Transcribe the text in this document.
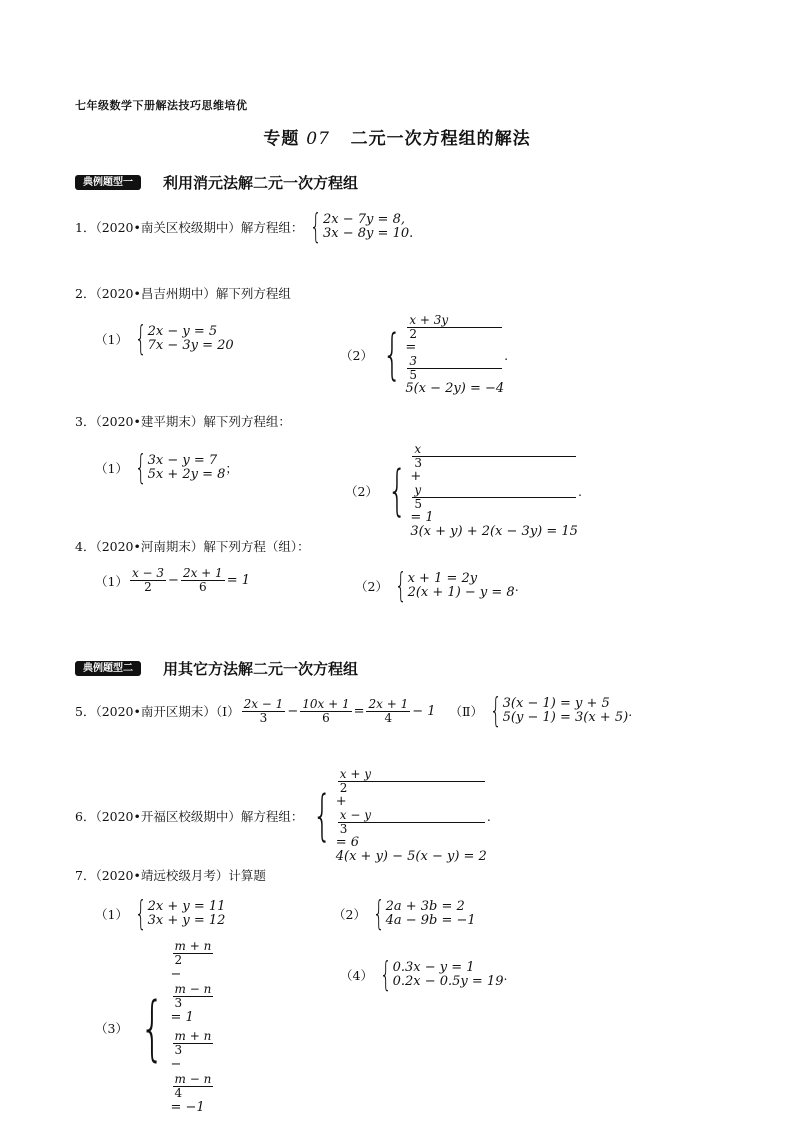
七年级数学下册解法技巧思维培优
专题 07 二元一次方程组的解法
典例题型一	利用消元法解二元一次方程组
1．（2020•南关区校级期中）解方程组： { 2x − 7y = 8,
3x − 8y = 10.
2．（2020•昌吉州期中）解下列方程组
（1） { 2x − y = 5
7x − 3y = 20
（2） {
x + 3y
2
=
3
5
5(x − 2y) = −4
.
3．（2020•建平期末）解下列方程组：
（1） { 3x − y = 7
5x + 2y = 8 ；
（2） {
x
3
+
y
5
= 1
3(x + y) + 2(x − 3y) = 15
.
4．（2020•河南期末）解下列方程（组）：
$(1) \frac{x - 3}{2} - \frac{2x + 1}{6} = 1$	（2） { x + 1 = 2y
2(x + 1) − y = 8 .
典例题型二	用其它方法解二元一次方程组
5．（2020•南开区期末）（Ⅰ） $\frac{2x - 1}{3} - \frac{10x + 1}{6} = \frac{2x + 1}{4} - 1$ （Ⅱ） { 3(x − 1) = y + 5
5(y − 1) = 3(x + 5) .
6．（2020•开福区校级期中）解方程组： {
x + y
2
+
x − y
3
= 6
4(x + y) − 5(x − y) = 2
.
7．（2020•靖远校级月考）计算题
（1） { 2x + y = 11
3x + y = 12	（2） { 2a + 3b = 2
4a − 9b = −1
（3） {
m + n
2
−
m − n
3
= 1
m + n
3
−
m − n
4
= −1
（4） { 0.3x − y = 1
0.2x − 0.5y = 19 .
